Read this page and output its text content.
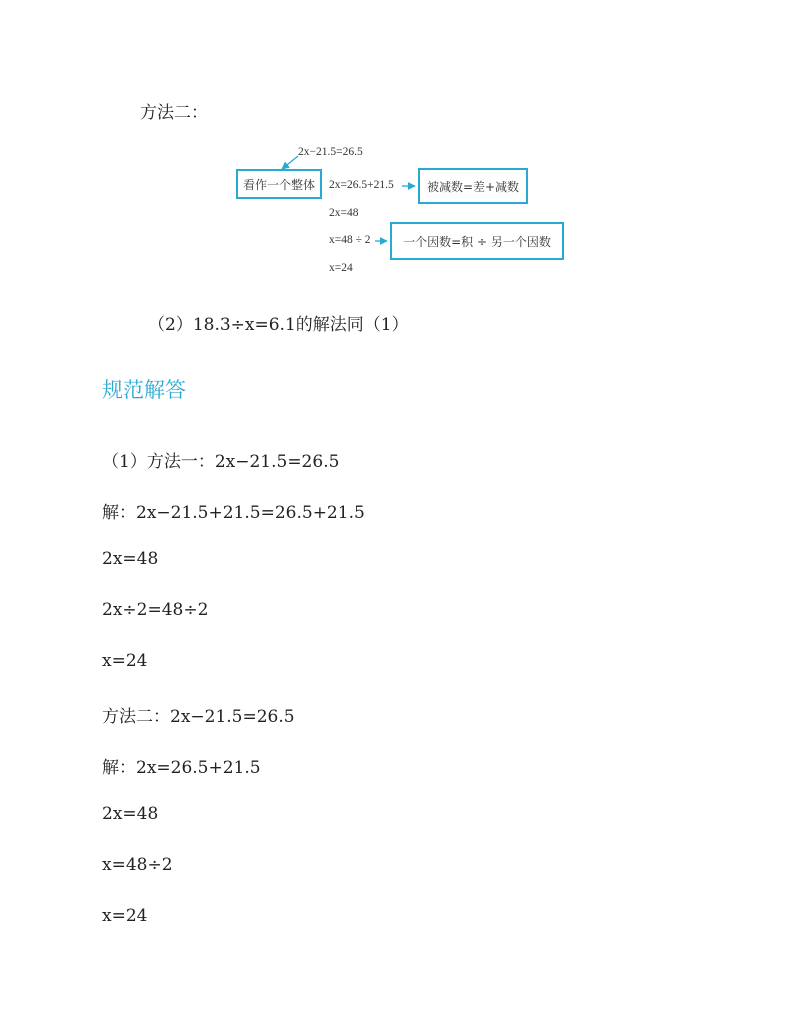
方法二：
2x−21.5=26.5
看作一个整体 2x=26.5+21.5	被减数=差+减数
2x=48
x=48 ÷ 2	一个因数=积 ÷ 另一个因数
x=24
（2）18.3÷x=6.1的解法同（1）
规范解答
（1）方法一：2x−21.5=26.5
解：2x−21.5+21.5=26.5+21.5
2x=48
2x÷2=48÷2
x=24
方法二：2x−21.5=26.5
解：2x=26.5+21.5
2x=48
x=48÷2
x=24
